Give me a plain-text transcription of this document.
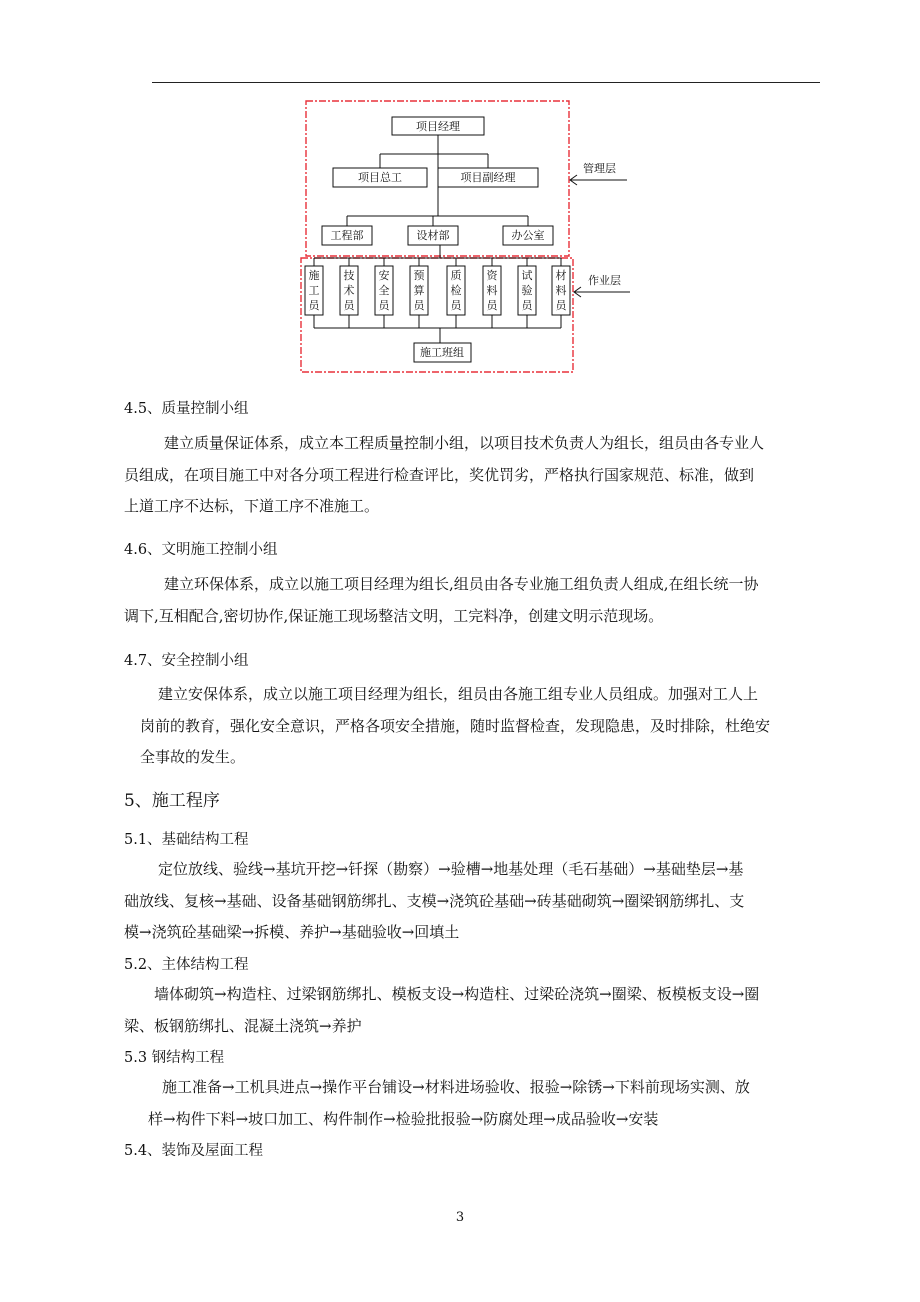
项目经理
项目总工	项目副经理
工程部	设材部	办公室
施
工
员
技
术
员
安
全
员
预
算
员
质
检
员
资
料
员
试
验
员
材
料
员
施工班组
管理层
作业层
4.5、质量控制小组
建立质量保证体系，成立本工程质量控制小组，以项目技术负责人为组长，组员由各专业人
员组成，在项目施工中对各分项工程进行检查评比，奖优罚劣，严格执行国家规范、标准，做到
上道工序不达标，下道工序不准施工。
4.6、文明施工控制小组
建立环保体系，成立以施工项目经理为组长,组员由各专业施工组负责人组成,在组长统一协
调下,互相配合,密切协作,保证施工现场整洁文明，工完料净，创建文明示范现场。
4.7、安全控制小组
建立安保体系，成立以施工项目经理为组长，组员由各施工组专业人员组成。加强对工人上
岗前的教育，强化安全意识，严格各项安全措施，随时监督检查，发现隐患，及时排除，杜绝安
全事故的发生。
5、施工程序
5.1、基础结构工程
定位放线、验线→基坑开挖→钎探（勘察）→验槽→地基处理（毛石基础）→基础垫层→基
础放线、复核→基础、设备基础钢筋绑扎、支模→浇筑砼基础→砖基础砌筑→圈梁钢筋绑扎、支
模→浇筑砼基础梁→拆模、养护→基础验收→回填土
5.2、主体结构工程
墙体砌筑→构造柱、过梁钢筋绑扎、模板支设→构造柱、过梁砼浇筑→圈梁、板模板支设→圈
梁、板钢筋绑扎、混凝土浇筑→养护
5.3 钢结构工程
施工准备→工机具进点→操作平台铺设→材料进场验收、报验→除锈→下料前现场实测、放
样→构件下料→坡口加工、构件制作→检验批报验→防腐处理→成品验收→安装
5.4、装饰及屋面工程
3
